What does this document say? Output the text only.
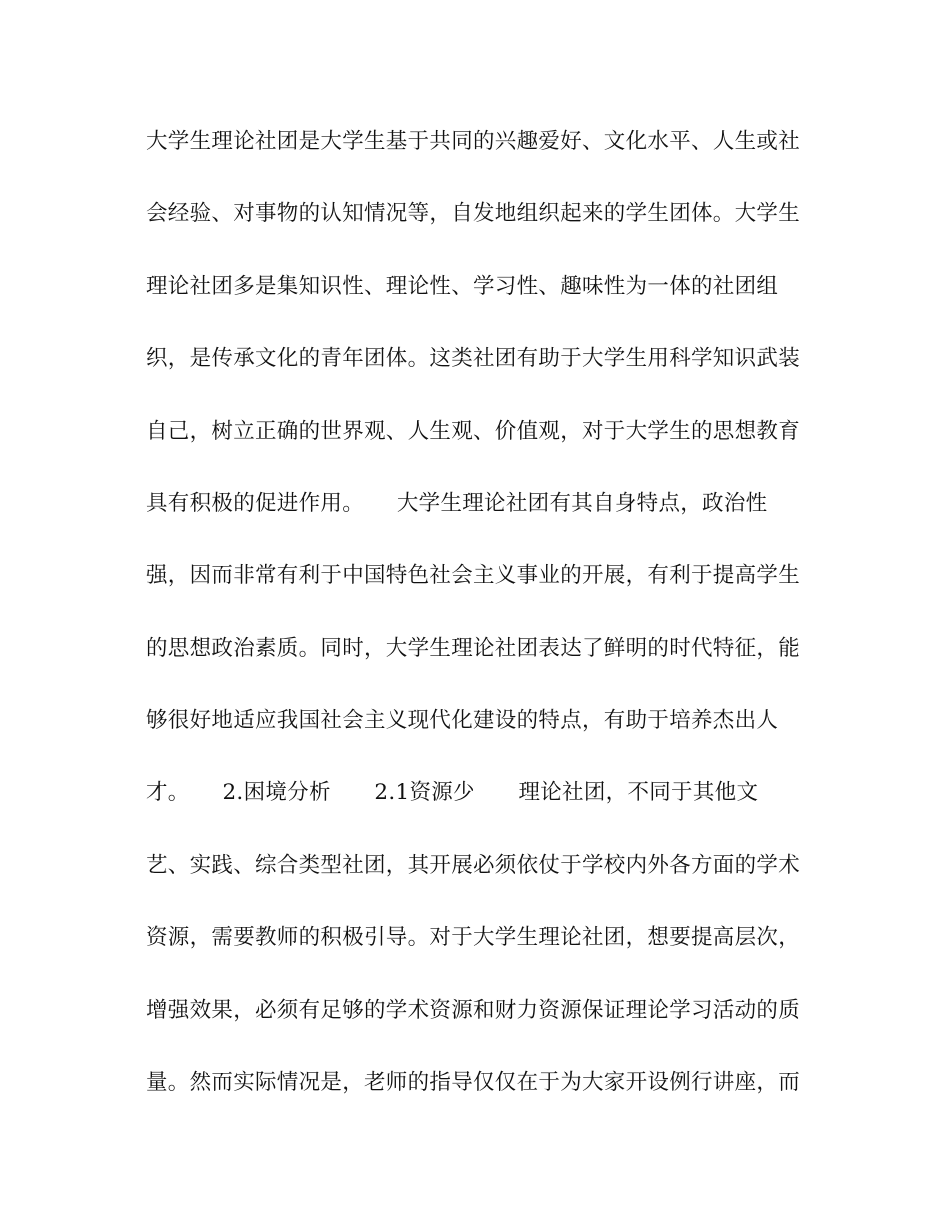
大学生理论社团是大学生基于共同的兴趣爱好、文化水平、人生或社
会经验、对事物的认知情况等，自发地组织起来的学生团体。大学生
理论社团多是集知识性、理论性、学习性、趣味性为一体的社团组
织，是传承文化的青年团体。这类社团有助于大学生用科学知识武装
自己，树立正确的世界观、人生观、价值观，对于大学生的思想教育
具有积极的促进作用。　　大学生理论社团有其自身特点，政治性
强，因而非常有利于中国特色社会主义事业的开展，有利于提高学生
的思想政治素质。同时，大学生理论社团表达了鲜明的时代特征，能
够很好地适应我国社会主义现代化建设的特点，有助于培养杰出人
才。　　2.困境分析　　2.1资源少　　理论社团，不同于其他文
艺、实践、综合类型社团，其开展必须依仗于学校内外各方面的学术
资源，需要教师的积极引导。对于大学生理论社团，想要提高层次，
增强效果，必须有足够的学术资源和财力资源保证理论学习活动的质
量。然而实际情况是，老师的指导仅仅在于为大家开设例行讲座，而
